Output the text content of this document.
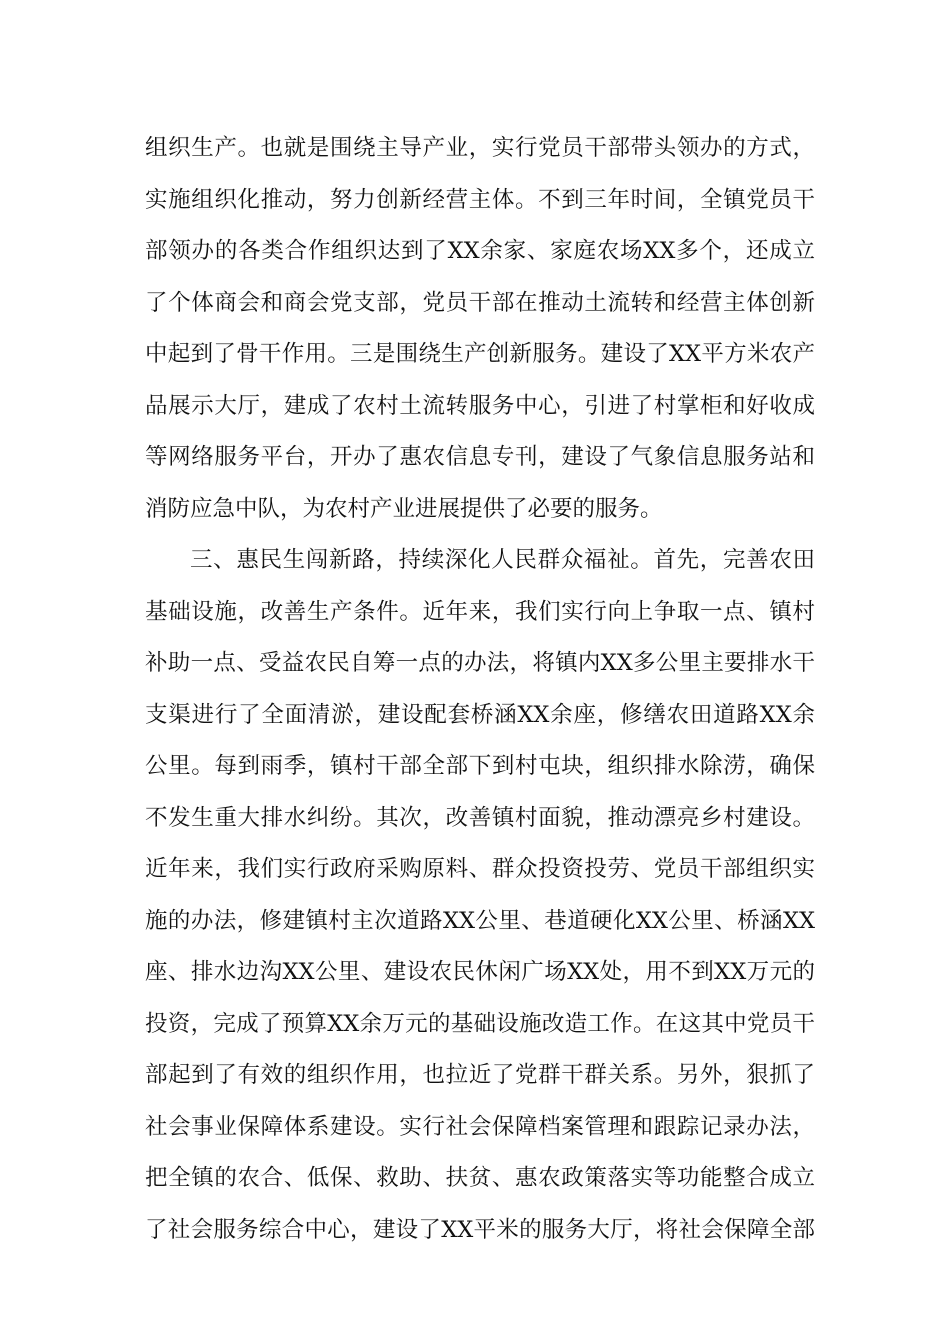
组织生产。也就是围绕主导产业，实行党员干部带头领办的方式，
实施组织化推动，努力创新经营主体。不到三年时间，全镇党员干
部领办的各类合作组织达到了XX余家、家庭农场XX多个，还成立
了个体商会和商会党支部，党员干部在推动土流转和经营主体创新
中起到了骨干作用。三是围绕生产创新服务。建设了XX平方米农产
品展示大厅，建成了农村土流转服务中心，引进了村掌柜和好收成
等网络服务平台，开办了惠农信息专刊，建设了气象信息服务站和
消防应急中队，为农村产业进展提供了必要的服务。
三、惠民生闯新路，持续深化人民群众福祉。首先，完善农田
基础设施，改善生产条件。近年来，我们实行向上争取一点、镇村
补助一点、受益农民自筹一点的办法，将镇内XX多公里主要排水干
支渠进行了全面清淤，建设配套桥涵XX余座，修缮农田道路XX余
公里。每到雨季，镇村干部全部下到村屯块，组织排水除涝，确保
不发生重大排水纠纷。其次，改善镇村面貌，推动漂亮乡村建设。
近年来，我们实行政府采购原料、群众投资投劳、党员干部组织实
施的办法，修建镇村主次道路XX公里、巷道硬化XX公里、桥涵XX
座、排水边沟XX公里、建设农民休闲广场XX处，用不到XX万元的
投资，完成了预算XX余万元的基础设施改造工作。在这其中党员干
部起到了有效的组织作用，也拉近了党群干群关系。另外，狠抓了
社会事业保障体系建设。实行社会保障档案管理和跟踪记录办法，
把全镇的农合、低保、救助、扶贫、惠农政策落实等功能整合成立
了社会服务综合中心，建设了XX平米的服务大厅，将社会保障全部
